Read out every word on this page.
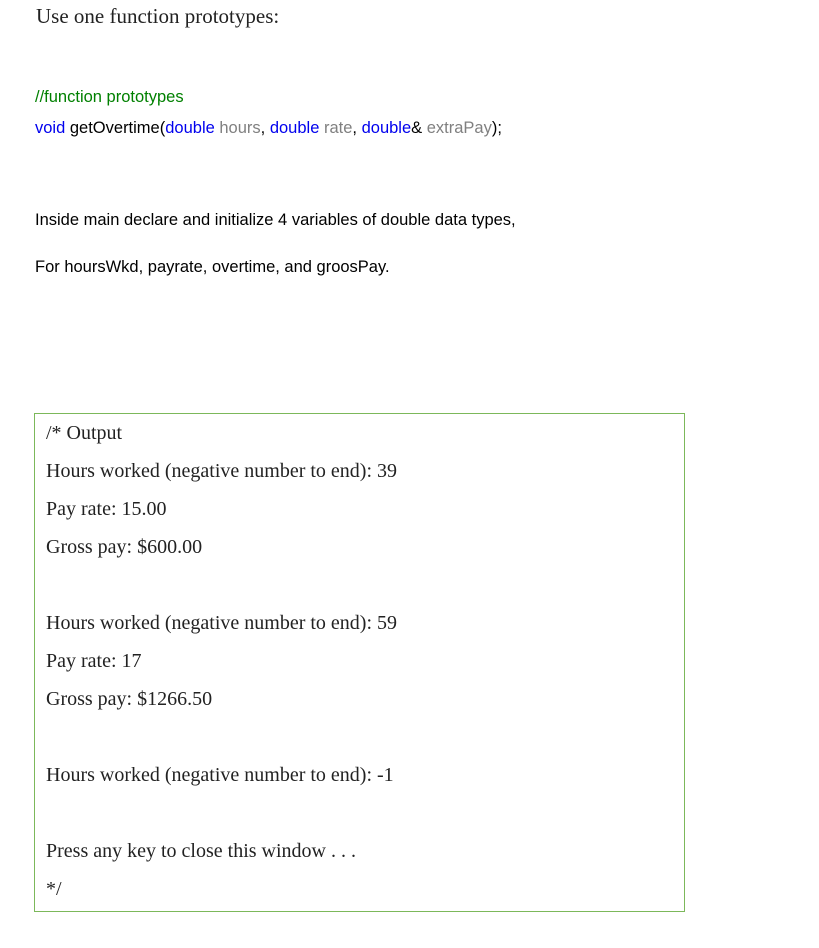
Use one function prototypes:
//function prototypes
void getOvertime(double hours, double rate, double& extraPay);
Inside main declare and initialize 4 variables of double data types,
For hoursWkd, payrate, overtime, and groosPay.
/* Output
Hours worked (negative number to end): 39
Pay rate: 15.00
Gross pay: $600.00
Hours worked (negative number to end): 59
Pay rate: 17
Gross pay: $1266.50
Hours worked (negative number to end): -1
Press any key to close this window . . .
*/
